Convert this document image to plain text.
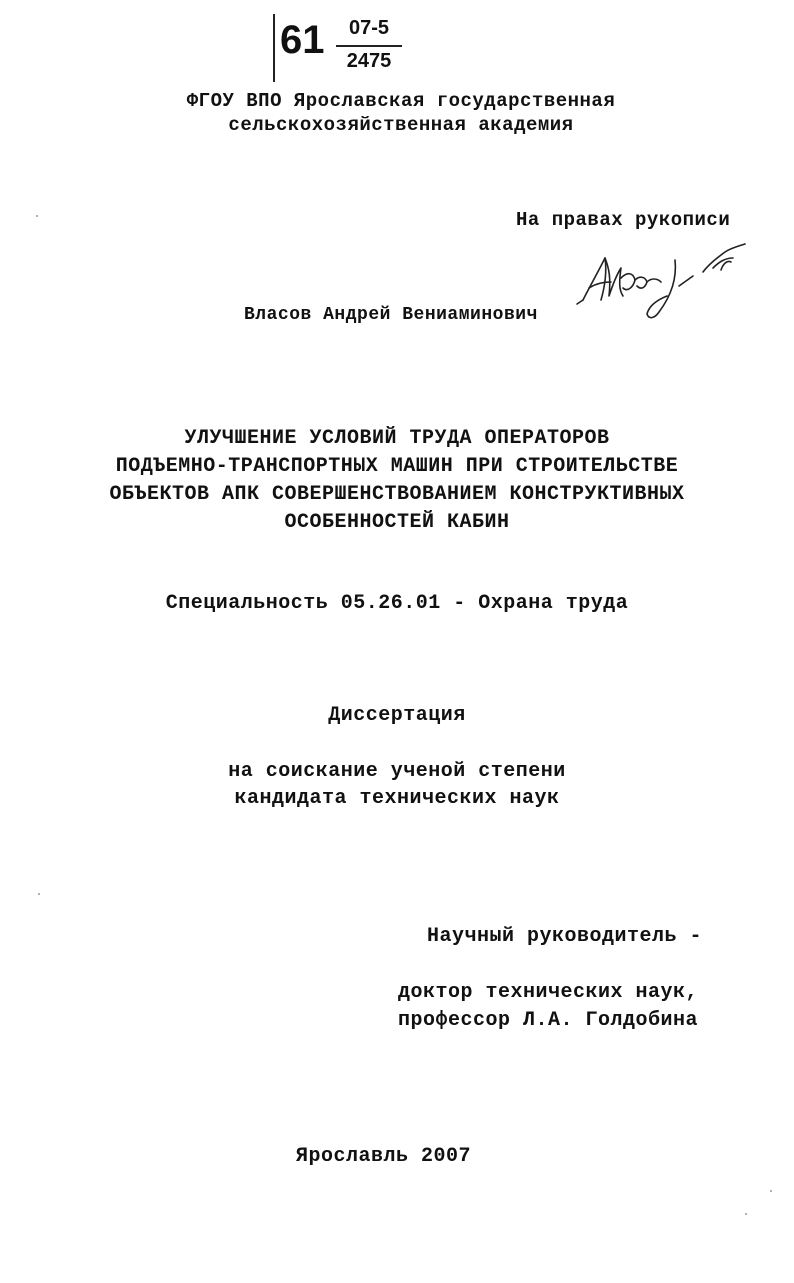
61	07-5
2475
ФГОУ ВПО Ярославская государственная
сельскохозяйственная академия
На правах рукописи
Власов Андрей Вениаминович
УЛУЧШЕНИЕ УСЛОВИЙ ТРУДА ОПЕРАТОРОВ
ПОДЪЕМНО-ТРАНСПОРТНЫХ МАШИН ПРИ СТРОИТЕЛЬСТВЕ
ОБЪЕКТОВ АПК СОВЕРШЕНСТВОВАНИЕМ КОНСТРУКТИВНЫХ
ОСОБЕННОСТЕЙ КАБИН
Специальность 05.26.01 - Охрана труда
Диссертация
на соискание ученой степени
кандидата технических наук
Научный руководитель -
доктор технических наук,
профессор Л.А. Голдобина
Ярославль 2007
